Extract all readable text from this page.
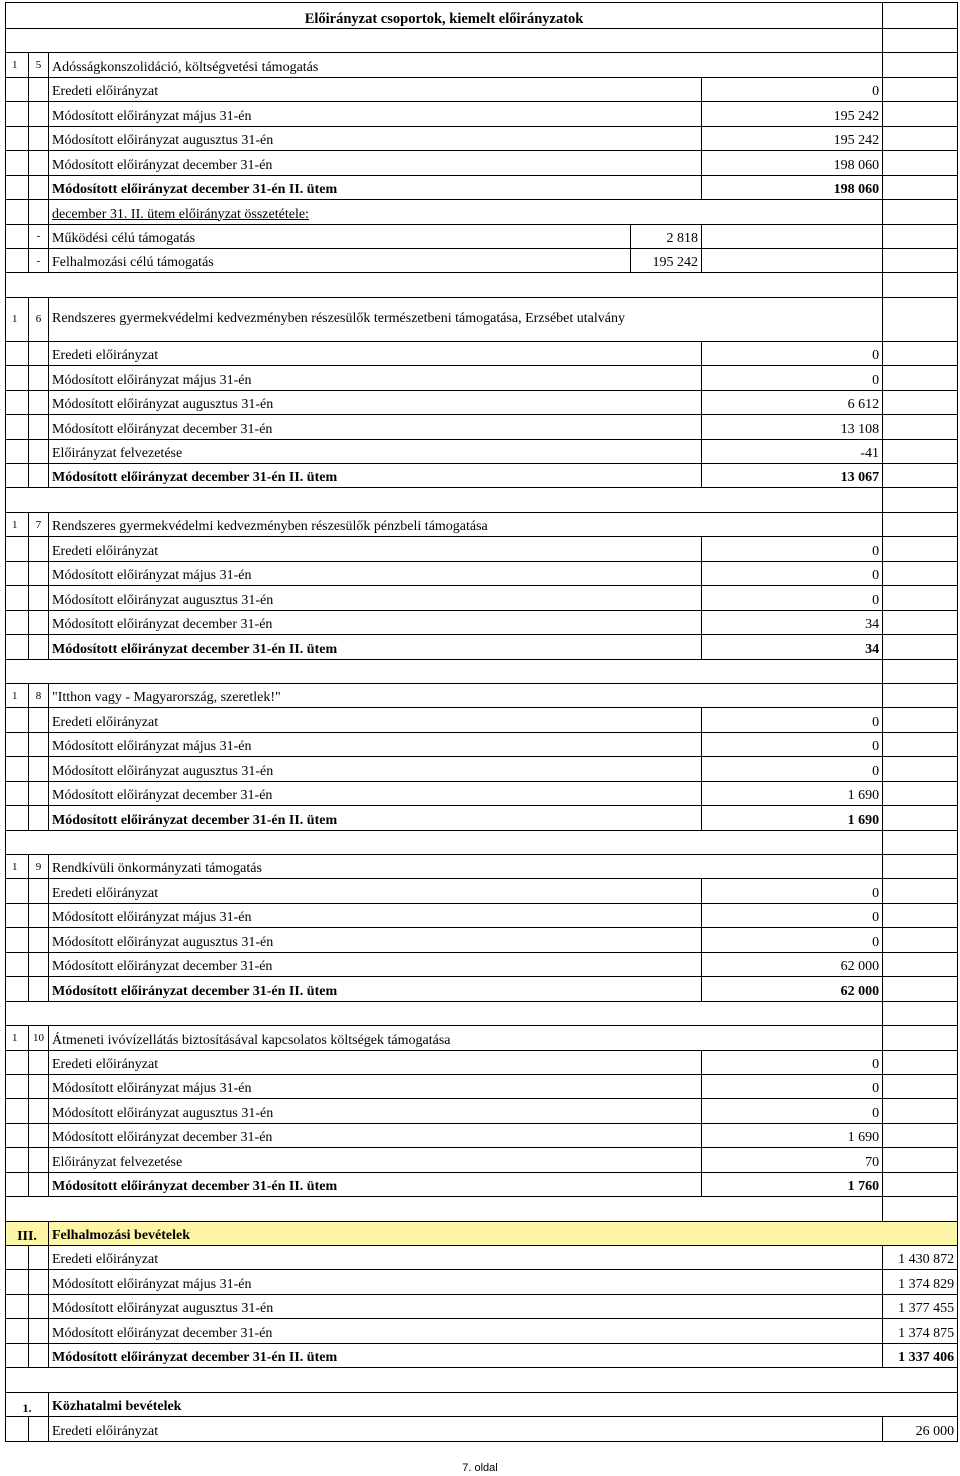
Előirányzat csoportok, kiemelt előirányzatok					

1	5	Adósságkonszolidáció, költségvetési támogatás			
		Eredeti előirányzat		0	
		Módosított előirányzat május 31-én		195 242	
		Módosított előirányzat augusztus 31-én		195 242	
		Módosított előirányzat december 31-én		198 060	
		Módosított előirányzat december 31-én II. ütem		198 060	
		december 31. II. ütem előirányzat összetétele:			
	-	Működési célú támogatás	2 818		
	-	Felhalmozási célú támogatás	195 242		

1	6	Rendszeres gyermekvédelmi kedvezményben részesülők természetbeni támogatása, Erzsébet utalvány			
		Eredeti előirányzat		0	
		Módosított előirányzat május 31-én		0	
		Módosított előirányzat augusztus 31-én		6 612	
		Módosított előirányzat december 31-én		13 108	
		Előirányzat felvezetése		-41	
		Módosított előirányzat december 31-én II. ütem		13 067	

1	7	Rendszeres gyermekvédelmi kedvezményben részesülők pénzbeli támogatása			
		Eredeti előirányzat		0	
		Módosított előirányzat május 31-én		0	
		Módosított előirányzat augusztus 31-én		0	
		Módosított előirányzat december 31-én		34	
		Módosított előirányzat december 31-én II. ütem		34	

1	8	"Itthon vagy - Magyarország, szeretlek!"			
		Eredeti előirányzat		0	
		Módosított előirányzat május 31-én		0	
		Módosított előirányzat augusztus 31-én		0	
		Módosított előirányzat december 31-én		1 690	
		Módosított előirányzat december 31-én II. ütem		1 690	

1	9	Rendkívüli önkormányzati támogatás			
		Eredeti előirányzat		0	
		Módosított előirányzat május 31-én		0	
		Módosított előirányzat augusztus 31-én		0	
		Módosított előirányzat december 31-én		62 000	
		Módosított előirányzat december 31-én II. ütem		62 000	

1	10	Átmeneti ivóvízellátás biztosításával kapcsolatos költségek támogatása			
		Eredeti előirányzat		0	
		Módosított előirányzat május 31-én		0	
		Módosított előirányzat augusztus 31-én		0	
		Módosított előirányzat december 31-én		1 690	
		Előirányzat felvezetése		70	
		Módosított előirányzat december 31-én II. ütem		1 760	

III.		Felhalmozási bevételek			
		Eredeti előirányzat			1 430 872
		Módosított előirányzat május 31-én			1 374 829
		Módosított előirányzat augusztus 31-én			1 377 455
		Módosított előirányzat december 31-én			1 374 875
		Módosított előirányzat december 31-én II. ütem			1 337 406

1.		Közhatalmi bevételek			
		Eredeti előirányzat			26 000
7. oldal
